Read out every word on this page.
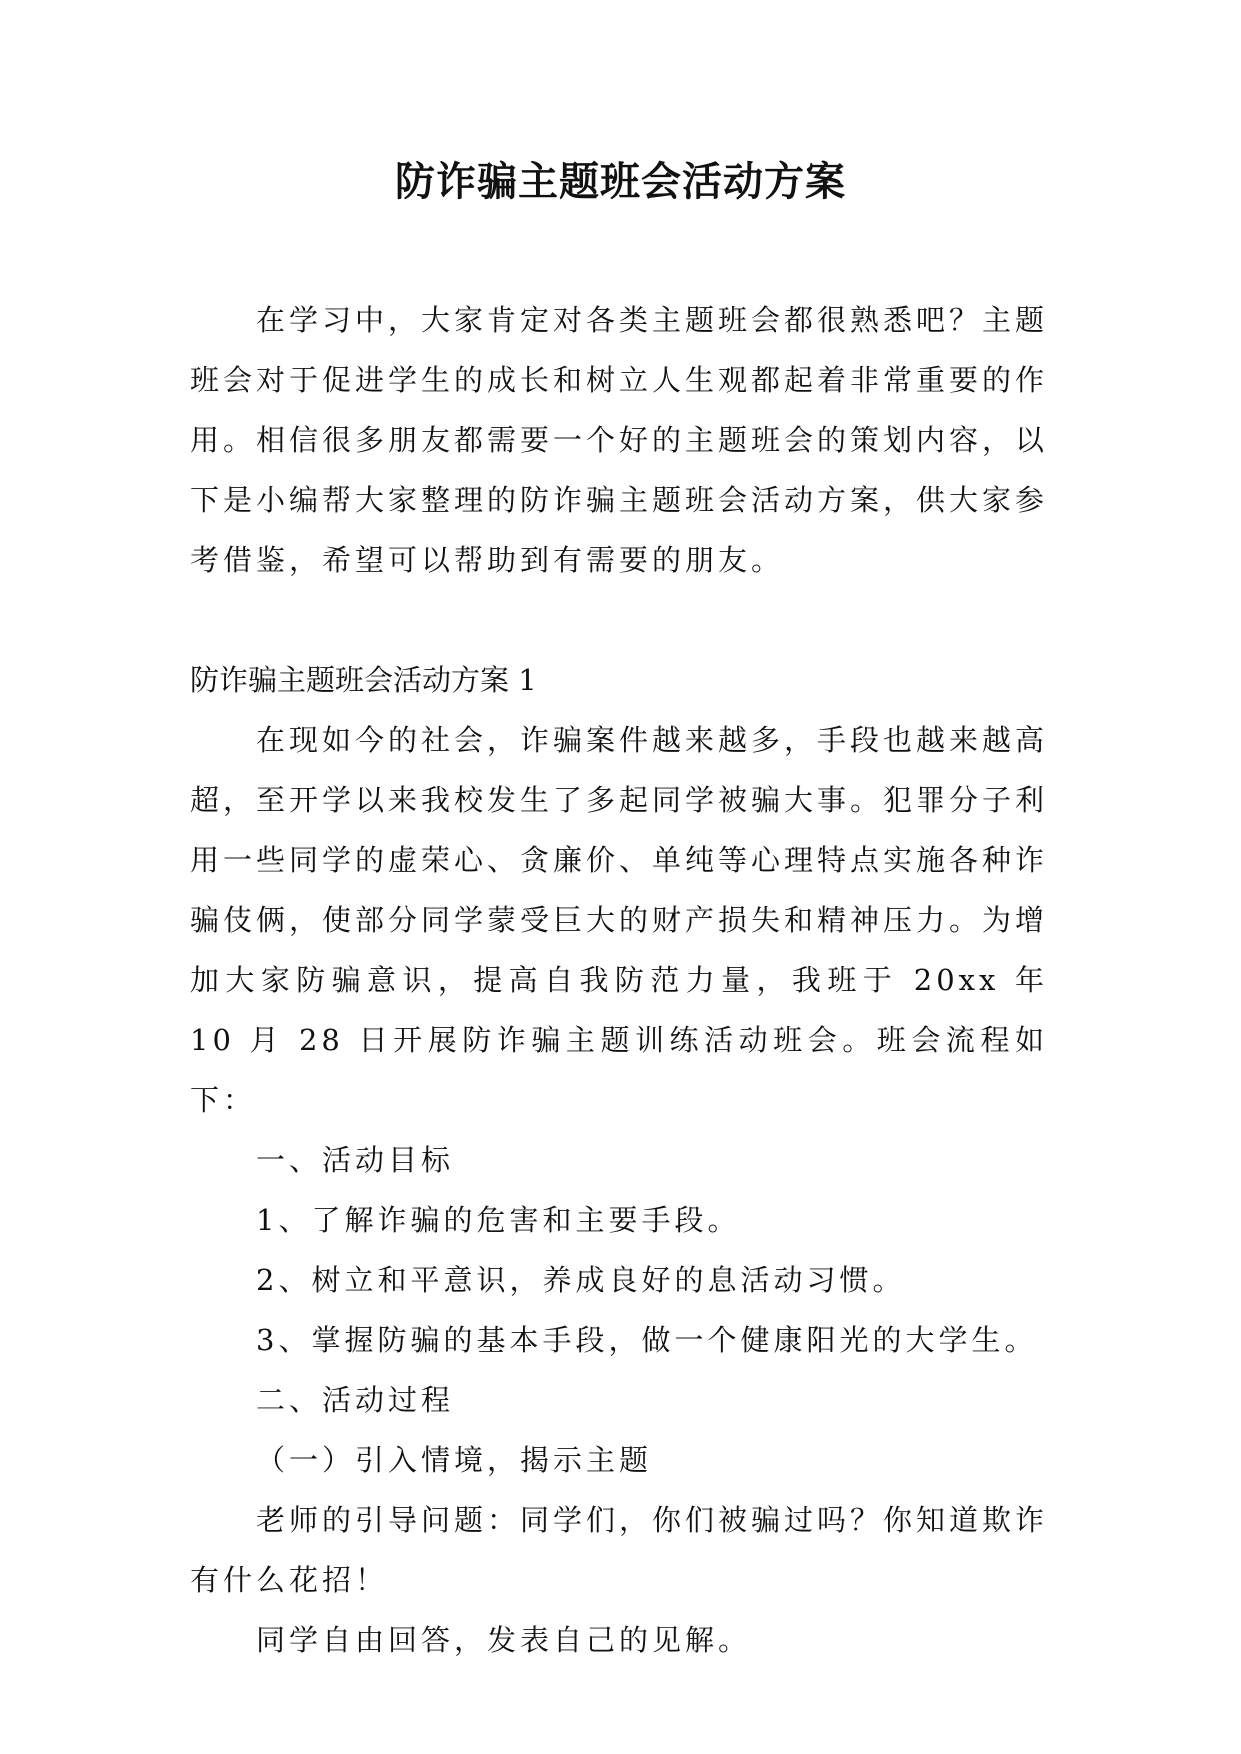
防诈骗主题班会活动方案

在学习中，大家肯定对各类主题班会都很熟悉吧？主题班会对于促进学生的成长和树立人生观都起着非常重要的作用。相信很多朋友都需要一个好的主题班会的策划内容，以下是小编帮大家整理的防诈骗主题班会活动方案，供大家参考借鉴，希望可以帮助到有需要的朋友。

防诈骗主题班会活动方案 1

在现如今的社会，诈骗案件越来越多，手段也越来越高超，至开学以来我校发生了多起同学被骗大事。犯罪分子利用一些同学的虚荣心、贪廉价、单纯等心理特点实施各种诈骗伎俩，使部分同学蒙受巨大的财产损失和精神压力。为增加大家防骗意识，提高自我防范力量，我班于 20xx 年 10 月 28 日开展防诈骗主题训练活动班会。班会流程如下：

一、活动目标

1、了解诈骗的危害和主要手段。

2、树立和平意识，养成良好的息活动习惯。

3、掌握防骗的基本手段，做一个健康阳光的大学生。

二、活动过程

（一）引入情境，揭示主题

老师的引导问题：同学们，你们被骗过吗？你知道欺诈有什么花招！

同学自由回答，发表自己的见解。
